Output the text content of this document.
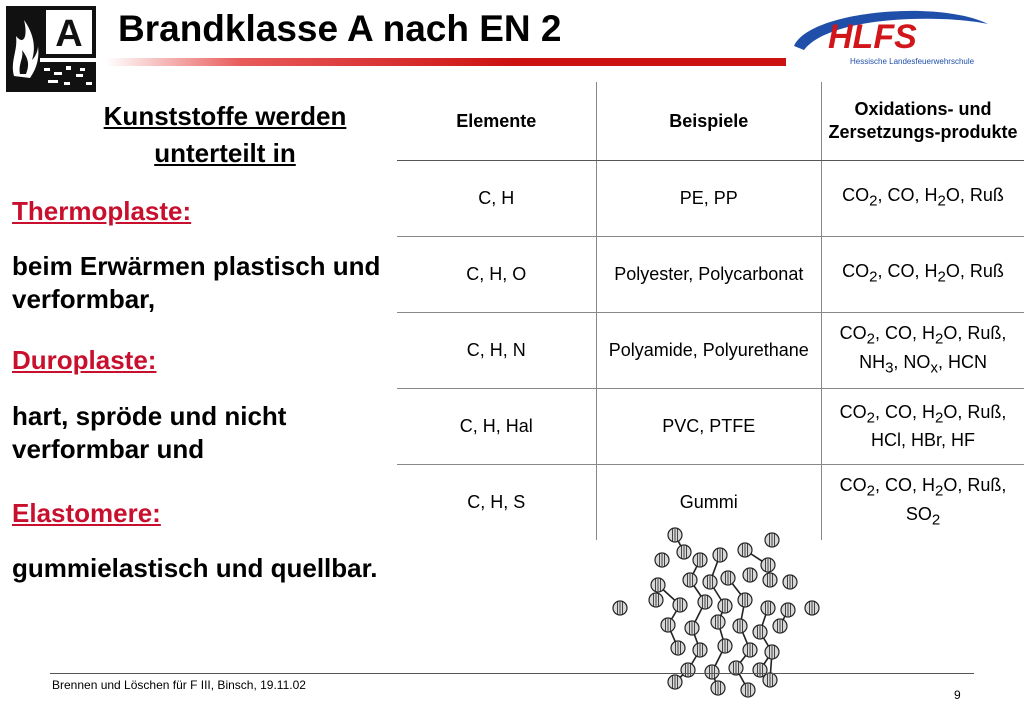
A Brandklasse A nach EN 2	HLFS
Hessische Landesfeuerwehrschule
Kunststoffe werden unterteilt in
Thermoplaste:
beim Erwärmen plastisch und verformbar,
Duroplaste:
hart, spröde und nicht verformbar und
Elastomere:
gummielastisch und quellbar.
Elemente	Beispiele	Oxidations- und Zersetzungs-produkte
C, H	PE, PP	$CO_2$, CO, $H_2O$, Ruß
C, H, O	Polyester, Polycarbonat	$CO_2$, CO, $H_2O$, Ruß
C, H, N	Polyamide, Polyurethane	$CO_2$, CO, $H_2O$, Ruß, $NH_3$, $NO_x$, HCN
C, H, Hal	PVC, PTFE	$CO_2$, CO, $H_2O$, Ruß, HCl, HBr, HF
C, H, S	Gummi	$CO_2$, CO, $H_2O$, Ruß, $SO_2$
Brennen und Löschen für F III, Binsch, 19.11.02
9
